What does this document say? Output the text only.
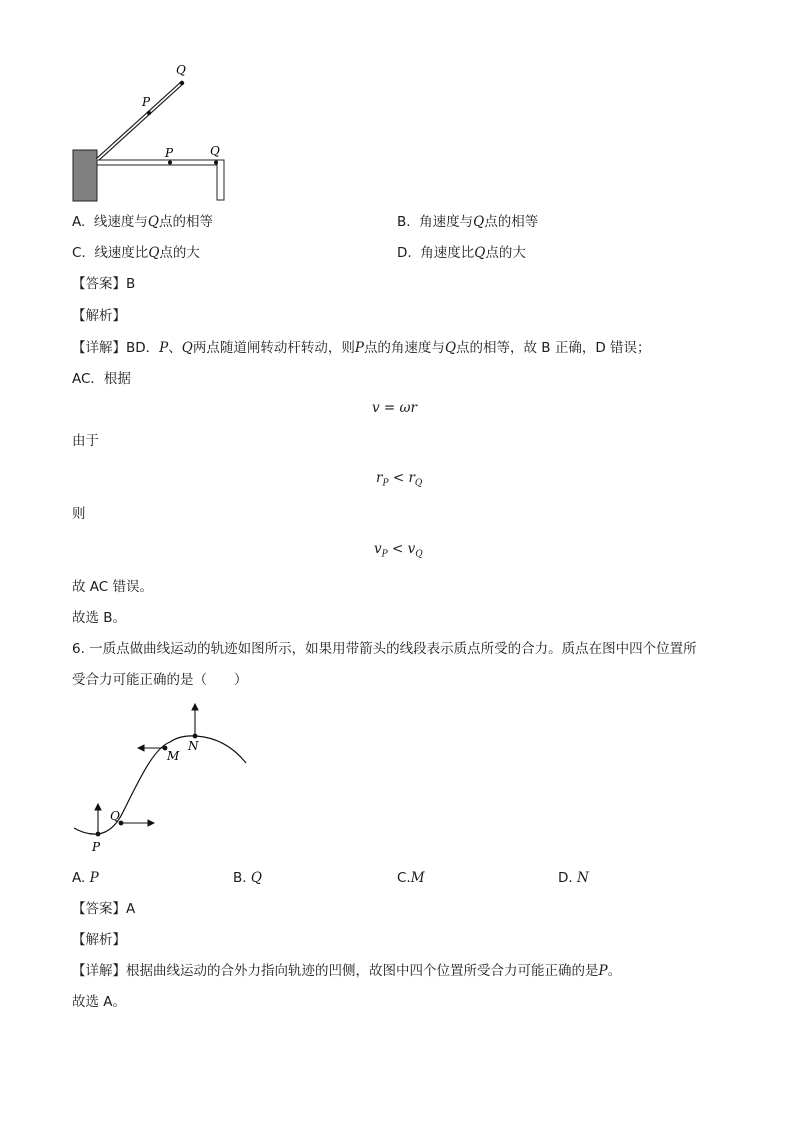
Q
P
P	Q
A. 线速度与Q点的相等	B. 角速度与Q点的相等
C. 线速度比Q点的大	D. 角速度比Q点的大
【答案】B
【解析】
【详解】BD．P、Q两点随道闸转动杆转动，则P点的角速度与Q点的相等，故 B 正确，D 错误；
AC．根据
v = ωr
由于
$r_P < r_Q$
则
$v_P < v_Q$
故 AC 错误。
故选 B。
6. 一质点做曲线运动的轨迹如图所示，如果用带箭头的线段表示质点所受的合力。质点在图中四个位置所
受合力可能正确的是（　　）
N
M
Q
P
A. P	B. Q	C.M	D. N
【答案】A
【解析】
【详解】根据曲线运动的合外力指向轨迹的凹侧，故图中四个位置所受合力可能正确的是P。
故选 A。
